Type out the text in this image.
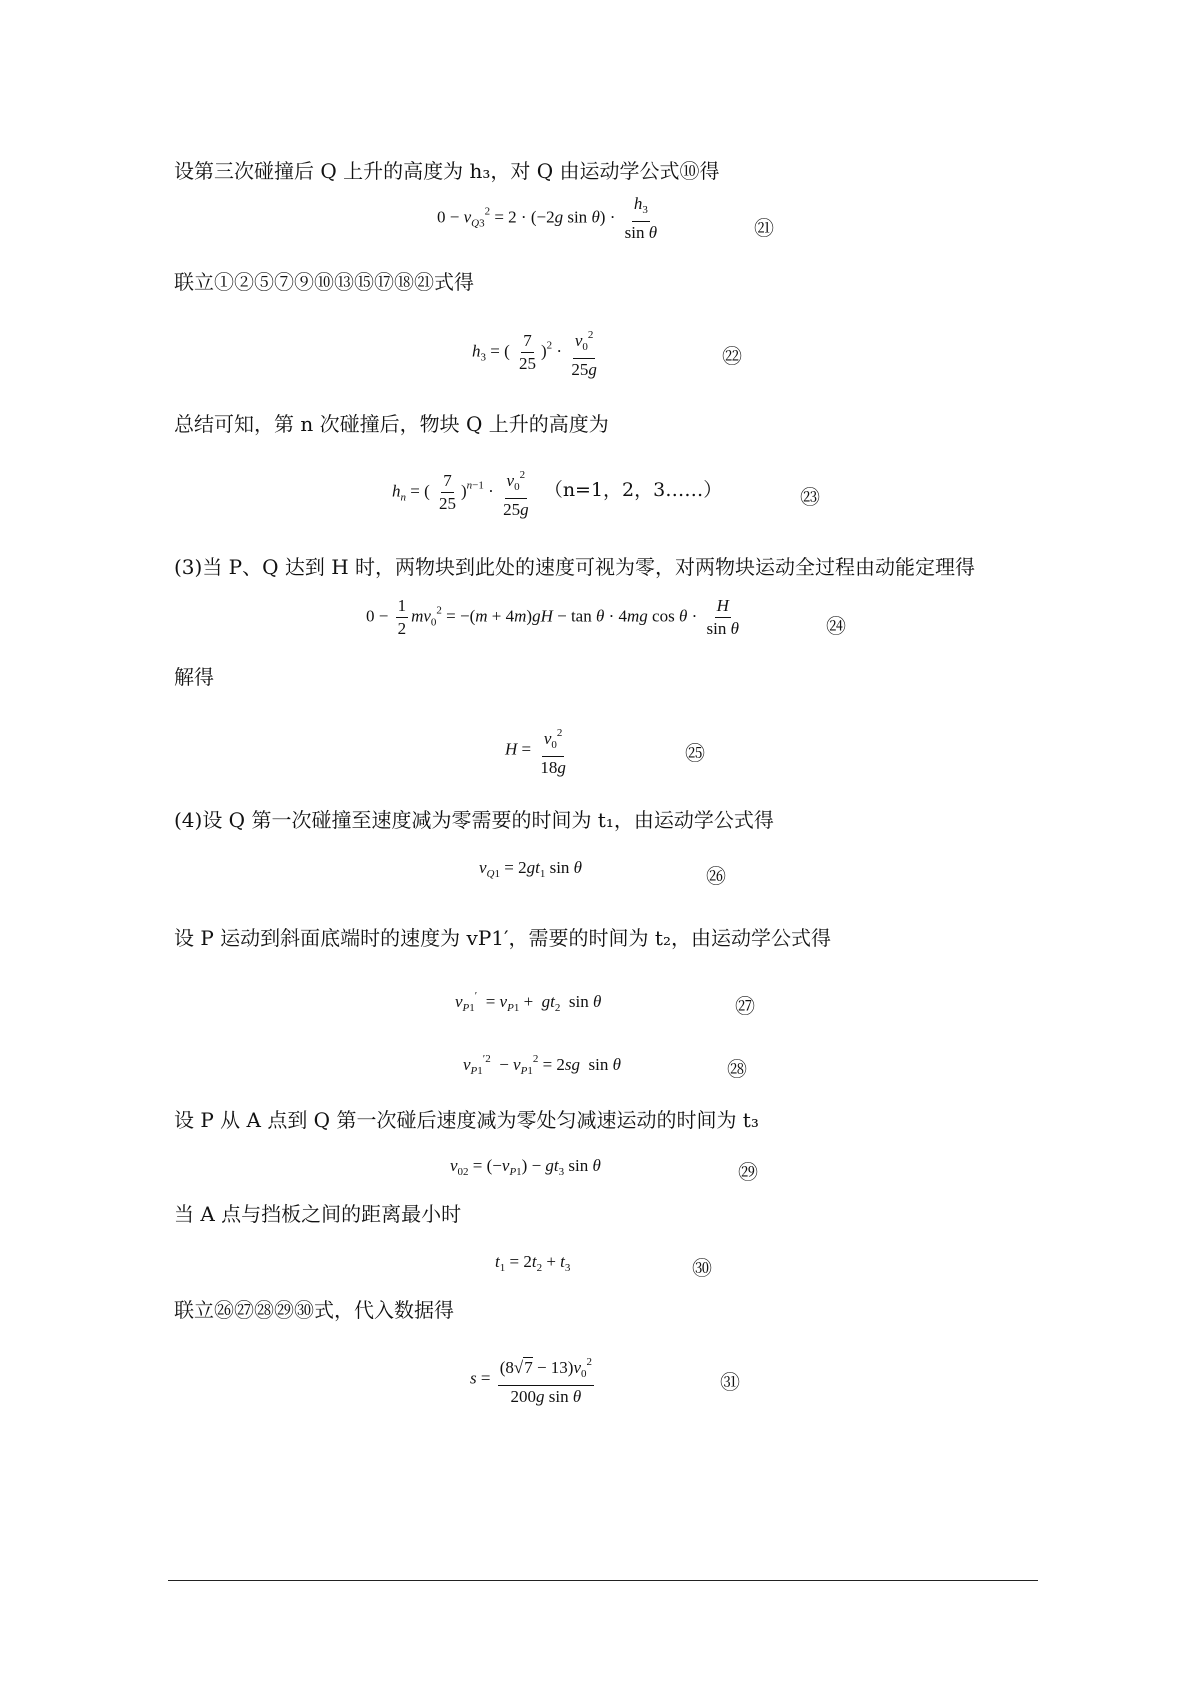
设第三次碰撞后 Q 上升的高度为 h₃，对 Q 由运动学公式⑩得
$0 - v_{Q3}^2 = 2 \cdot (-2g$ $\sin \theta) \cdot \frac{h_3}{\text{sin θ}}$	㉑
联立①②⑤⑦⑨⑩⑬⑮⑰⑱㉑式得
$h_3$ = ( $\frac{7}{25} )^2 \cdot \frac{v_0^2}{25g}$	㉒
总结可知，第 n 次碰撞后，物块 Q 上升的高度为
$h_n$ = ( $\frac{7}{25} )^{n-1} \cdot \frac{v_0^2}{25g} (n=1$，2，3……）	㉓
(3)当 P、Q 达到 H 时，两物块到此处的速度可视为零，对两物块运动全过程由动能定理得
$0 - \frac{1}{2} mv_0^2 = -(m + 4m)gH - \tan \theta \cdot 4mg$ $\cos \theta \cdot \frac{H}{\text{sin θ}}$	㉔
解得
$H = \frac{v_0^2}{18g}$	㉕
(4)设 Q 第一次碰撞至速度减为零需要的时间为 t₁，由运动学公式得
$v_{Q1} = 2gt_1$ sin θ	㉖
设 P 运动到斜面底端时的速度为 vP1′，需要的时间为 t₂，由运动学公式得
$v_{P1}' = v_{P1} + gt_2$  sin θ	㉗
$v_{P1}^{'2} - v_{P1}^2 = 2sg$  sin θ	㉘
设 P 从 A 点到 Q 第一次碰后速度减为零处匀减速运动的时间为 t₃
$v_{02} = (-v_{P1}) - gt_3$ sin θ	㉙
当 A 点与挡板之间的距离最小时
$t_1 = 2t_2 + t_3$	㉚
联立㉖㉗㉘㉙㉚式，代入数据得
$s = \frac{(8√7 - 13)v_0^2}{\text{200g sin θ}}$	㉛
